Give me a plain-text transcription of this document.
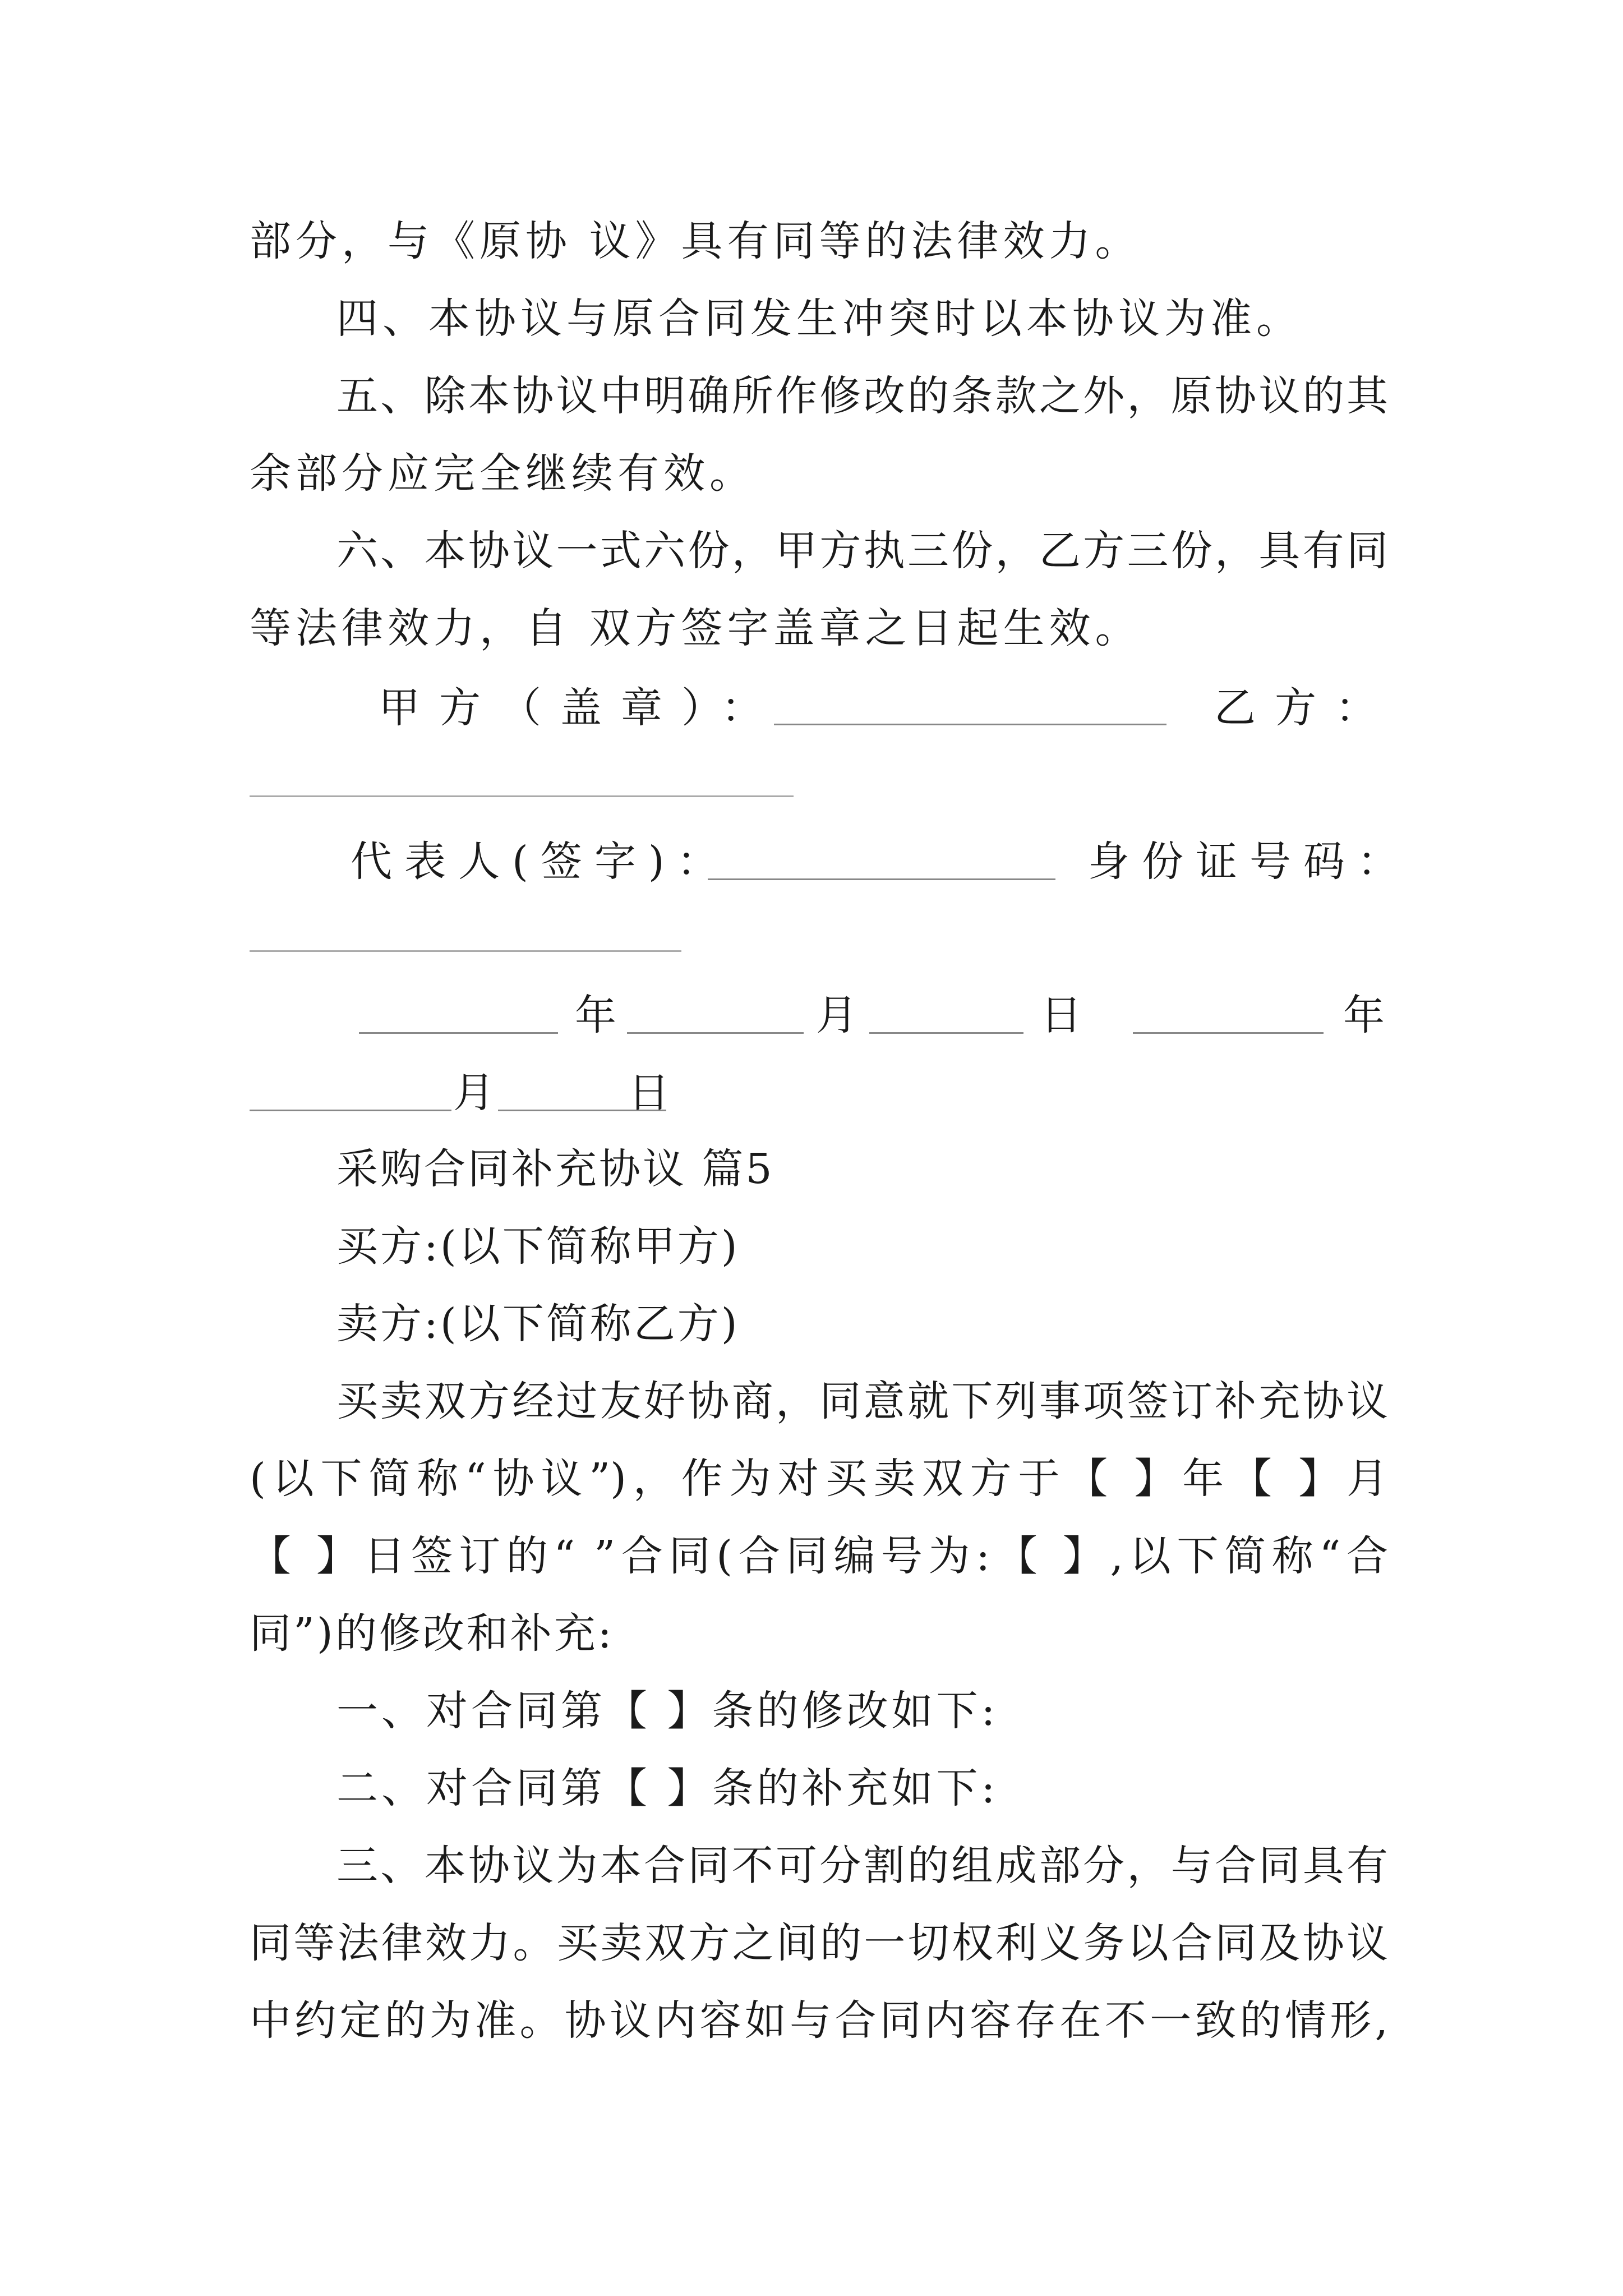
部分，与《原协 议》具有同等的法律效力。
四、本协议与原合同发生冲突时以本协议为准。
五、除本协议中明确所作修改的条款之外，原协议的其
余部分应完全继续有效。
六、本协议一式六份，甲方执三份，乙方三份，具有同
等法律效力，自 双方签字盖章之日起生效。
甲方（盖章）：	乙方：
代表人(签字)：	身份证号码：
年	月	日	年
月	日
采购合同补充协议 篇5
买方:(以下简称甲方)
卖方:(以下简称乙方)
买卖双方经过友好协商，同意就下列事项签订补充协议
(以下简称“协议”)，作为对买卖双方于【 】年【 】月
【 】日签订的“ ”合同(合同编号为:【 】,以下简称“合
同”)的修改和补充:
一、对合同第【 】条的修改如下:
二、对合同第【 】条的补充如下:
三、本协议为本合同不可分割的组成部分，与合同具有
同等法律效力。买卖双方之间的一切权利义务以合同及协议
中约定的为准。协议内容如与合同内容存在不一致的情形,
